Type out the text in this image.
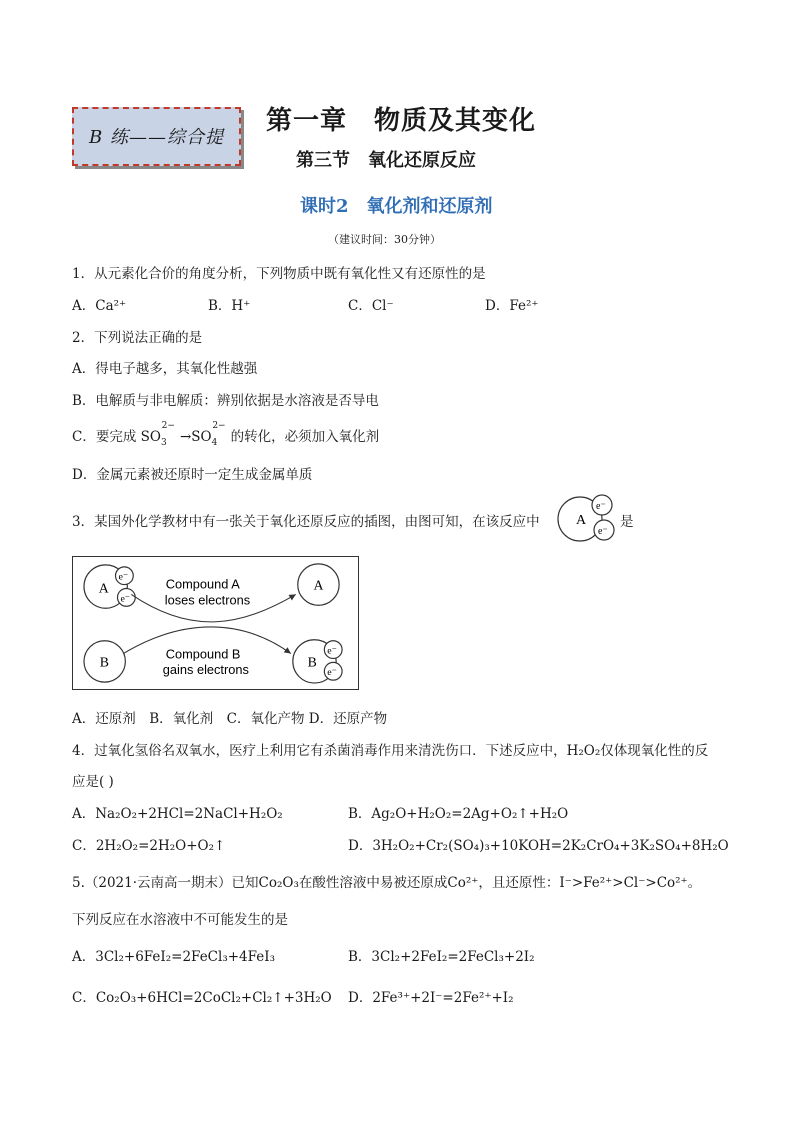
B 练——综合提
第一章　物质及其变化
第三节　氧化还原反应
课时2　氧化剂和还原剂
（建议时间：30分钟）
1．从元素化合价的角度分析，下列物质中既有氧化性又有还原性的是
A．Ca²⁺	B．H⁺	C．Cl⁻	D．Fe²⁺
2．下列说法正确的是
A．得电子越多，其氧化性越强
B．电解质与非电解质：辨别依据是水溶液是否导电
C．要完成 $SO_3^{2-}\to SO_4^{2-}$的转化，必须加入氧化剂
D．金属元素被还原时一定生成金属单质
3．某国外化学教材中有一张关于氧化还原反应的插图，由图可知，在该反应中	A
e⁻
e⁻
是
A
e⁻
e⁻
A
B	B
e⁻
e⁻
Compound A
loses electrons
Compound B
gains electrons
A．还原剂　B．氧化剂　C．氧化产物 D．还原产物
4．过氧化氢俗名双氧水，医疗上利用它有杀菌消毒作用来清洗伤口．下述反应中，H₂O₂仅体现氧化性的反
应是( )
A．Na₂O₂+2HCl=2NaCl+H₂O₂	B．Ag₂O+H₂O₂=2Ag+O₂↑+H₂O
C．2H₂O₂=2H₂O+O₂↑	D．3H₂O₂+Cr₂(SO₄)₃+10KOH=2K₂CrO₄+3K₂SO₄+8H₂O
5.（2021·云南高一期末）已知Co₂O₃在酸性溶液中易被还原成Co²⁺，且还原性：I⁻>Fe²⁺>Cl⁻>Co²⁺。
下列反应在水溶液中不可能发生的是
A．3Cl₂+6FeI₂=2FeCl₃+4FeI₃	B．3Cl₂+2FeI₂=2FeCl₃+2I₂
C．Co₂O₃+6HCl=2CoCl₂+Cl₂↑+3H₂O D．2Fe³⁺+2I⁻=2Fe²⁺+I₂
